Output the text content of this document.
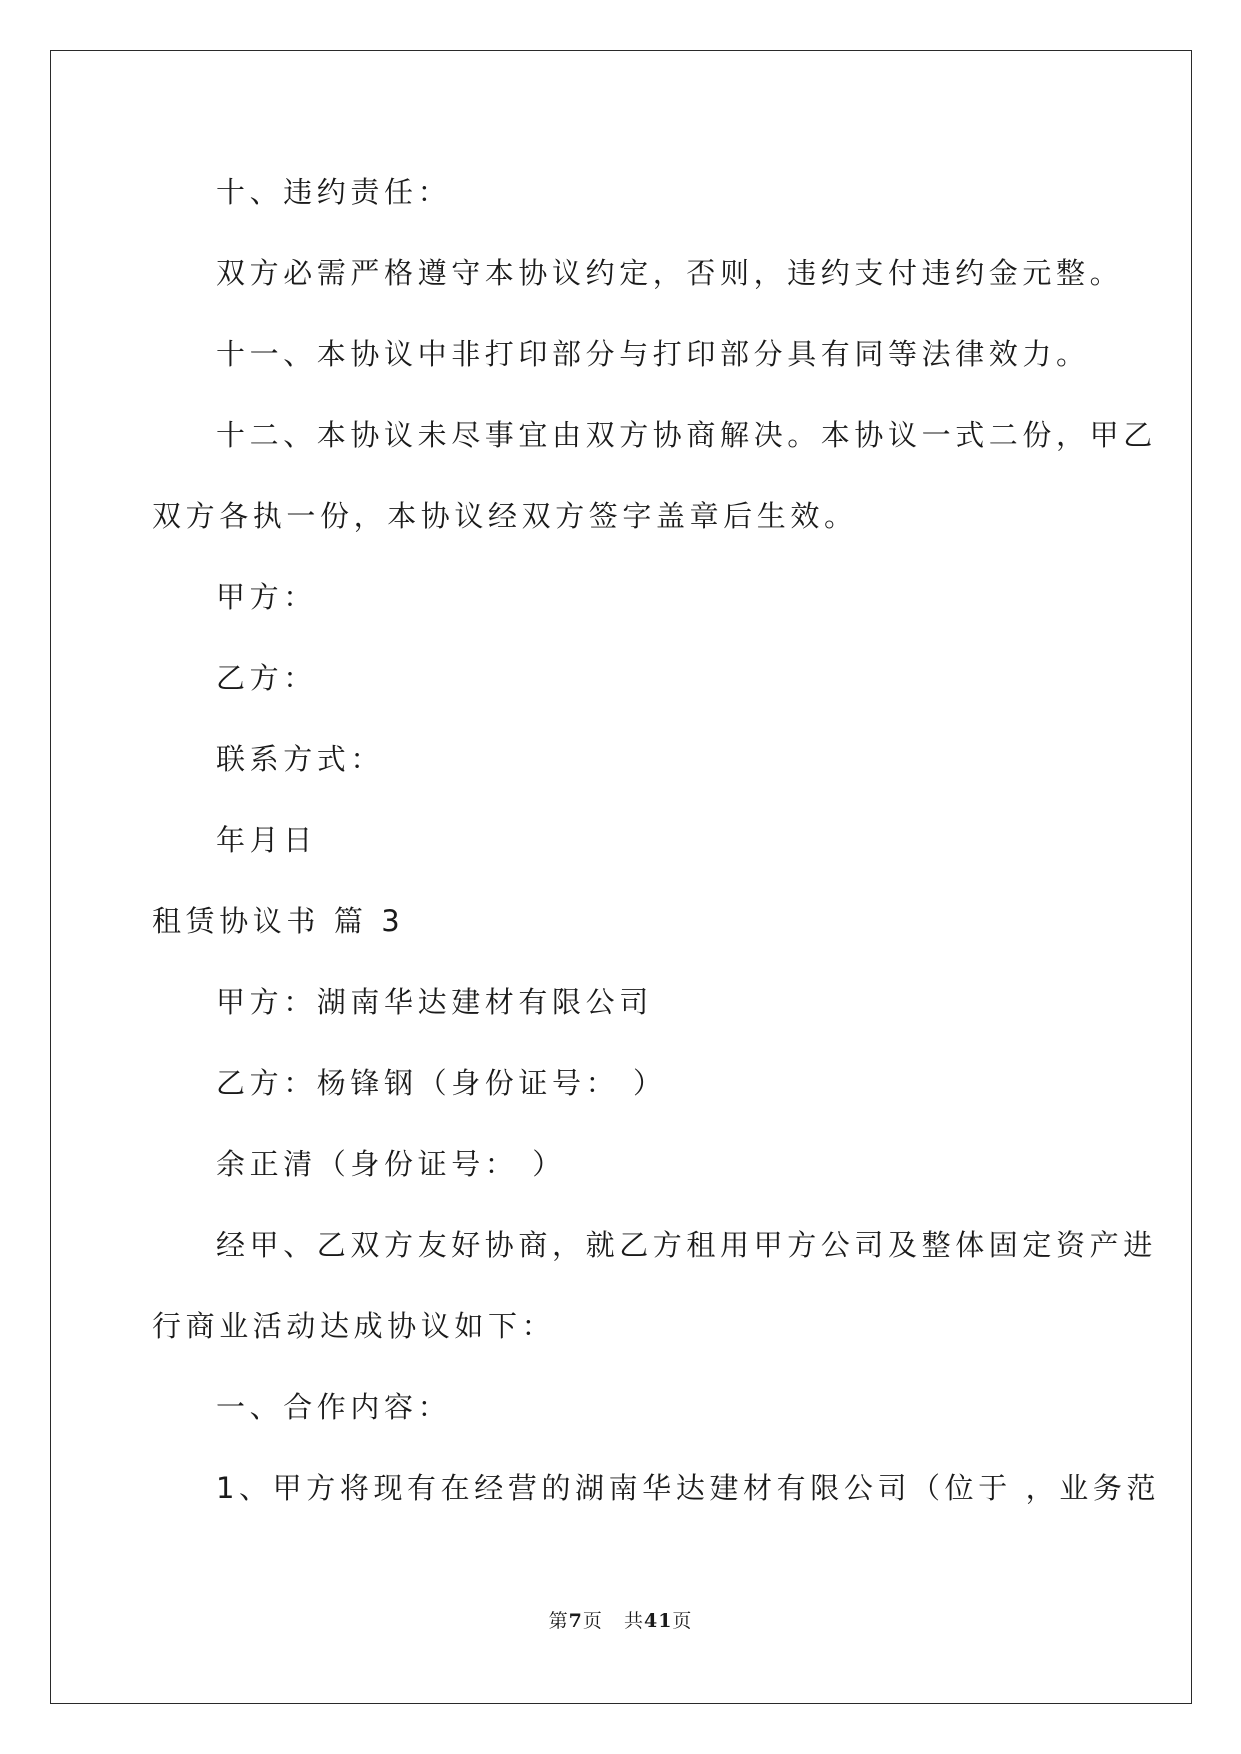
十、违约责任：
双方必需严格遵守本协议约定，否则，违约支付违约金元整。
十一、本协议中非打印部分与打印部分具有同等法律效力。
十二、本协议未尽事宜由双方协商解决。本协议一式二份，甲乙
双方各执一份，本协议经双方签字盖章后生效。
甲方：
乙方：
联系方式：
年月日
租赁协议书 篇 3
甲方：湖南华达建材有限公司
乙方：杨锋钢（身份证号： ）
余正清（身份证号： ）
经甲、乙双方友好协商，就乙方租用甲方公司及整体固定资产进
行商业活动达成协议如下：
一、合作内容：
1、甲方将现有在经营的湖南华达建材有限公司（位于 ，业务范
第7页 共41页
